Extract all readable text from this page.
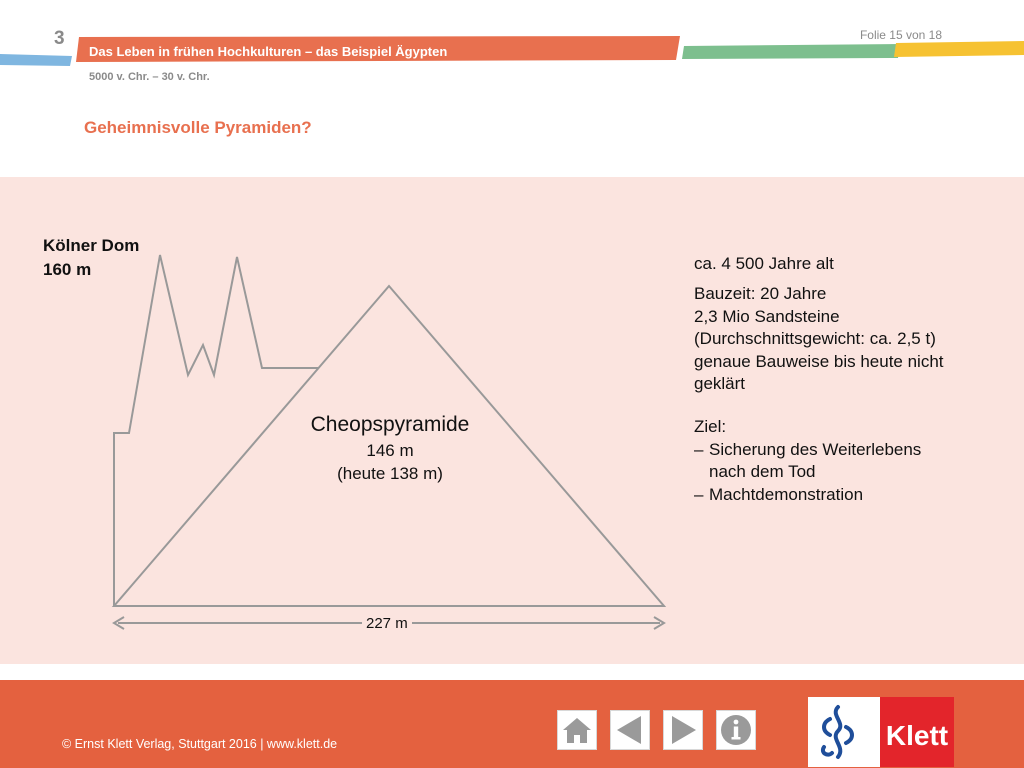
3	Folie 15 von 18
Das Leben in frühen Hochkulturen – das Beispiel Ägypten
5000 v. Chr. – 30 v. Chr.
Geheimnisvolle Pyramiden?
Kölner Dom
160 m
Cheopspyramide
146 m
(heute 138 m)
227 m
ca. 4 500 Jahre alt
Bauzeit: 20 Jahre
2,3 Mio Sandsteine
(Durchschnittsgewicht: ca. 2,5 t)
genaue Bauweise bis heute nicht
geklärt
Ziel:
– Sicherung des Weiterlebens
nach dem Tod
– Machtdemonstration
© Ernst Klett Verlag, Stuttgart 2016 | www.klett.de	Klett
